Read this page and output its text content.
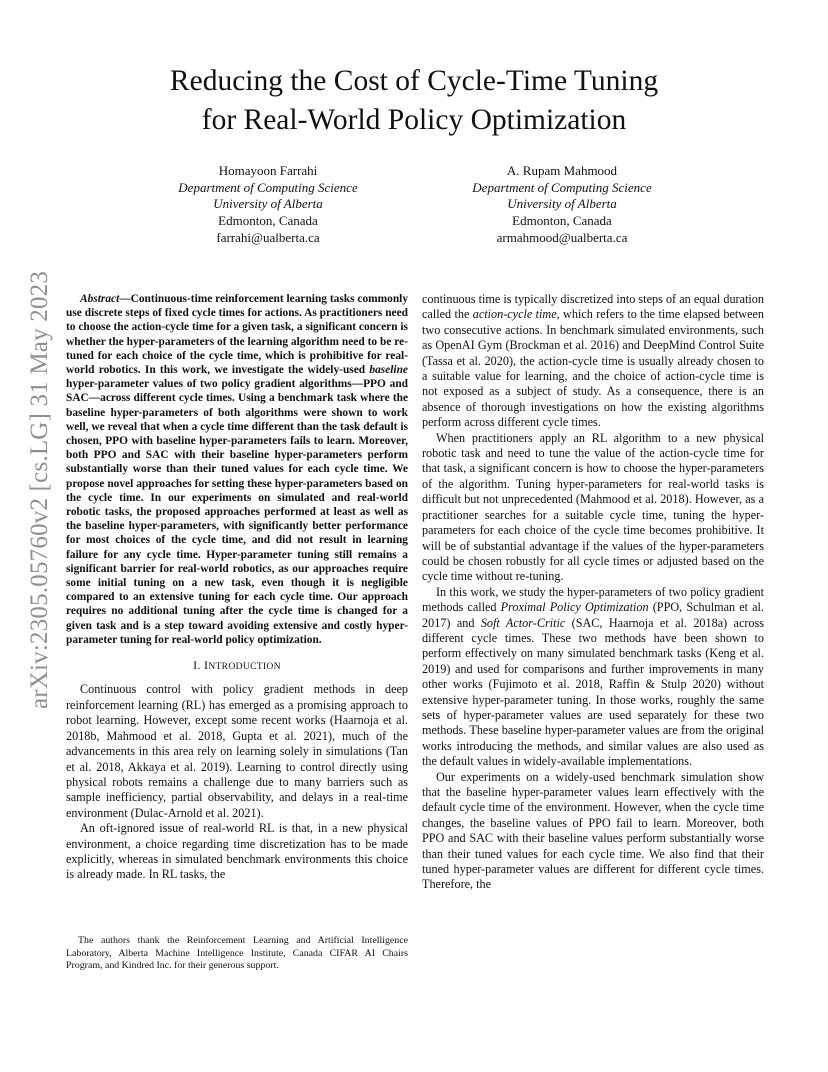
arXiv:2305.05760v2 [cs.LG] 31 May 2023
Reducing the Cost of Cycle-Time Tuning
for Real-World Policy Optimization
Homayoon Farrahi
Department of Computing Science
University of Alberta
Edmonton, Canada
farrahi@ualberta.ca
A. Rupam Mahmood
Department of Computing Science
University of Alberta
Edmonton, Canada
armahmood@ualberta.ca

Abstract—Continuous-time reinforcement learning tasks commonly use discrete steps of fixed cycle times for actions. As practitioners need to choose the action-cycle time for a given task, a significant concern is whether the hyper-parameters of the learning algorithm need to be re-tuned for each choice of the cycle time, which is prohibitive for real-world robotics. In this work, we investigate the widely-used baseline hyper-parameter values of two policy gradient algorithms—PPO and SAC—across different cycle times. Using a benchmark task where the baseline hyper-parameters of both algorithms were shown to work well, we reveal that when a cycle time different than the task default is chosen, PPO with baseline hyper-parameters fails to learn. Moreover, both PPO and SAC with their baseline hyper-parameters perform substantially worse than their tuned values for each cycle time. We propose novel approaches for setting these hyper-parameters based on the cycle time. In our experiments on simulated and real-world robotic tasks, the proposed approaches performed at least as well as the baseline hyper-parameters, with significantly better performance for most choices of the cycle time, and did not result in learning failure for any cycle time. Hyper-parameter tuning still remains a significant barrier for real-world robotics, as our approaches require some initial tuning on a new task, even though it is negligible compared to an extensive tuning for each cycle time. Our approach requires no additional tuning after the cycle time is changed for a given task and is a step toward avoiding extensive and costly hyper-parameter tuning for real-world policy optimization.

I. INTRODUCTION

Continuous control with policy gradient methods in deep reinforcement learning (RL) has emerged as a promising approach to robot learning. However, except some recent works (Haarnoja et al. 2018b, Mahmood et al. 2018, Gupta et al. 2021), much of the advancements in this area rely on learning solely in simulations (Tan et al. 2018, Akkaya et al. 2019). Learning to control directly using physical robots remains a challenge due to many barriers such as sample inefficiency, partial observability, and delays in a real-time environment (Dulac-Arnold et al. 2021).

An oft-ignored issue of real-world RL is that, in a new physical environment, a choice regarding time discretization has to be made explicitly, whereas in simulated benchmark environments this choice is already made. In RL tasks, the

The authors thank the Reinforcement Learning and Artificial Intelligence Laboratory, Alberta Machine Intelligence Institute, Canada CIFAR AI Chairs Program, and Kindred Inc. for their generous support.

continuous time is typically discretized into steps of an equal duration called the action-cycle time, which refers to the time elapsed between two consecutive actions. In benchmark simulated environments, such as OpenAI Gym (Brockman et al. 2016) and DeepMind Control Suite (Tassa et al. 2020), the action-cycle time is usually already chosen to a suitable value for learning, and the choice of action-cycle time is not exposed as a subject of study. As a consequence, there is an absence of thorough investigations on how the existing algorithms perform across different cycle times.

When practitioners apply an RL algorithm to a new physical robotic task and need to tune the value of the action-cycle time for that task, a significant concern is how to choose the hyper-parameters of the algorithm. Tuning hyper-parameters for real-world tasks is difficult but not unprecedented (Mahmood et al. 2018). However, as a practitioner searches for a suitable cycle time, tuning the hyper-parameters for each choice of the cycle time becomes prohibitive. It will be of substantial advantage if the values of the hyper-parameters could be chosen robustly for all cycle times or adjusted based on the cycle time without re-tuning.

In this work, we study the hyper-parameters of two policy gradient methods called Proximal Policy Optimization (PPO, Schulman et al. 2017) and Soft Actor-Critic (SAC, Haarnoja et al. 2018a) across different cycle times. These two methods have been shown to perform effectively on many simulated benchmark tasks (Keng et al. 2019) and used for comparisons and further improvements in many other works (Fujimoto et al. 2018, Raffin & Stulp 2020) without extensive hyper-parameter tuning. In those works, roughly the same sets of hyper-parameter values are used separately for these two methods. These baseline hyper-parameter values are from the original works introducing the methods, and similar values are also used as the default values in widely-available implementations.

Our experiments on a widely-used benchmark simulation show that the baseline hyper-parameter values learn effectively with the default cycle time of the environment. However, when the cycle time changes, the baseline values of PPO fail to learn. Moreover, both PPO and SAC with their baseline values perform substantially worse than their tuned values for each cycle time. We also find that their tuned hyper-parameter values are different for different cycle times. Therefore, the
